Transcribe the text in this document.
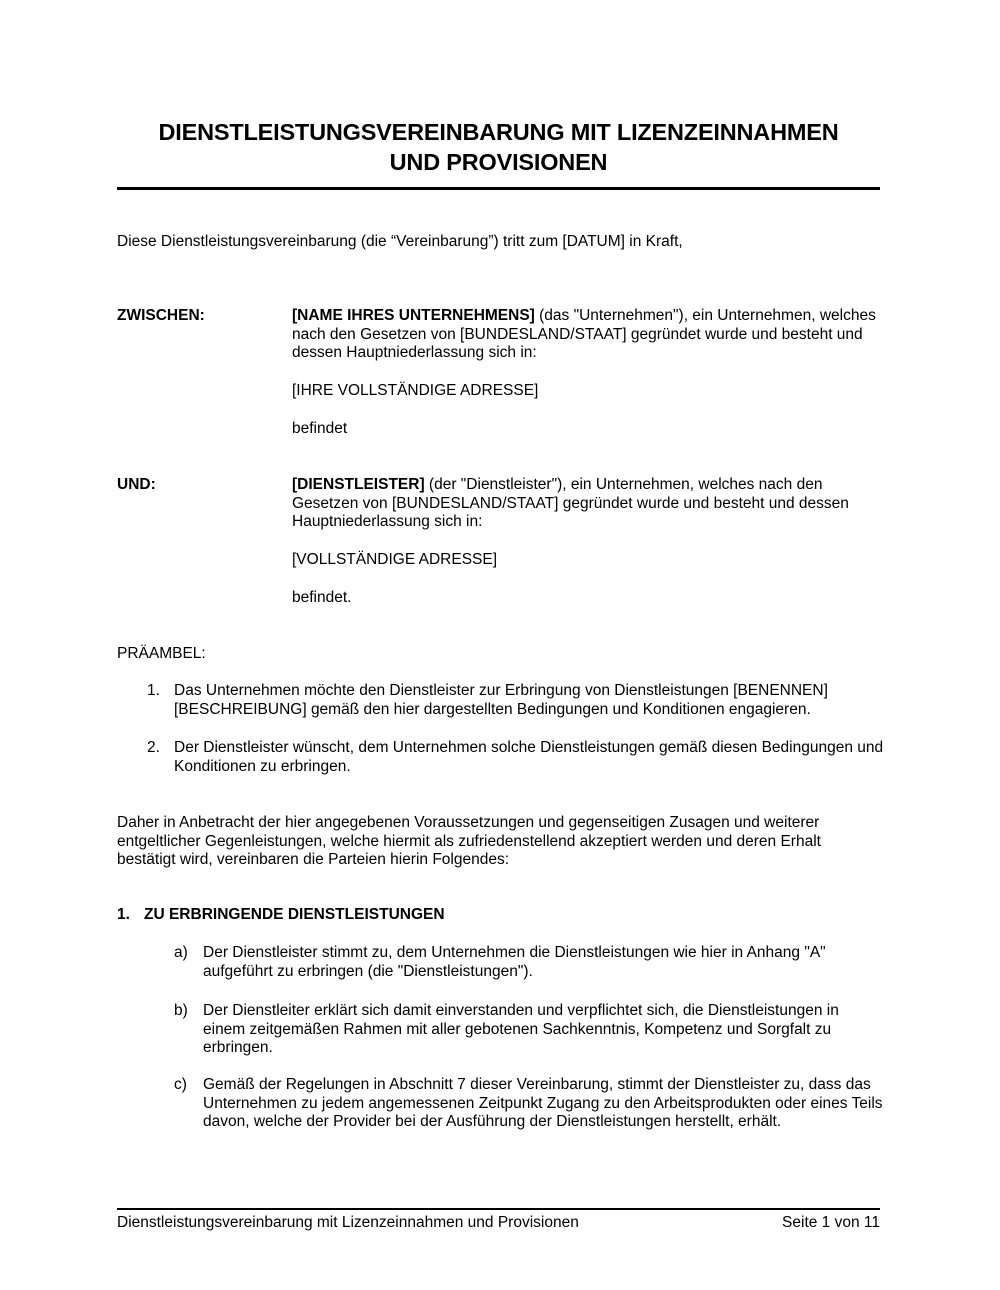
DIENSTLEISTUNGSVEREINBARUNG MIT LIZENZEINNAHMEN
UND PROVISIONEN
Diese Dienstleistungsvereinbarung (die “Vereinbarung”) tritt zum [DATUM] in Kraft,
ZWISCHEN:	[NAME IHRES UNTERNEHMENS] (das "Unternehmen"), ein Unternehmen, welches nach den Gesetzen von [BUNDESLAND/STAAT] gegründet wurde und besteht und dessen Hauptniederlassung sich in:
[IHRE VOLLSTÄNDIGE ADRESSE]
befindet
UND:	[DIENSTLEISTER] (der "Dienstleister"), ein Unternehmen, welches nach den Gesetzen von [BUNDESLAND/STAAT] gegründet wurde und besteht und dessen Hauptniederlassung sich in:
[VOLLSTÄNDIGE ADRESSE]
befindet.
PRÄAMBEL:
1. Das Unternehmen möchte den Dienstleister zur Erbringung von Dienstleistungen [BENENNEN] [BESCHREIBUNG] gemäß den hier dargestellten Bedingungen und Konditionen engagieren.
2. Der Dienstleister wünscht, dem Unternehmen solche Dienstleistungen gemäß diesen Bedingungen und Konditionen zu erbringen.
Daher in Anbetracht der hier angegebenen Voraussetzungen und gegenseitigen Zusagen und weiterer entgeltlicher Gegenleistungen, welche hiermit als zufriedenstellend akzeptiert werden und deren Erhalt bestätigt wird, vereinbaren die Parteien hierin Folgendes:
1. ZU ERBRINGENDE DIENSTLEISTUNGEN
a) Der Dienstleister stimmt zu, dem Unternehmen die Dienstleistungen wie hier in Anhang "A" aufgeführt zu erbringen (die "Dienstleistungen").
b) Der Dienstleiter erklärt sich damit einverstanden und verpflichtet sich, die Dienstleistungen in einem zeitgemäßen Rahmen mit aller gebotenen Sachkenntnis, Kompetenz und Sorgfalt zu erbringen.
c) Gemäß der Regelungen in Abschnitt 7 dieser Vereinbarung, stimmt der Dienstleister zu, dass das Unternehmen zu jedem angemessenen Zeitpunkt Zugang zu den Arbeitsprodukten oder eines Teils davon, welche der Provider bei der Ausführung der Dienstleistungen herstellt, erhält.
Dienstleistungsvereinbarung mit Lizenzeinnahmen und Provisionen	Seite 1 von 11
